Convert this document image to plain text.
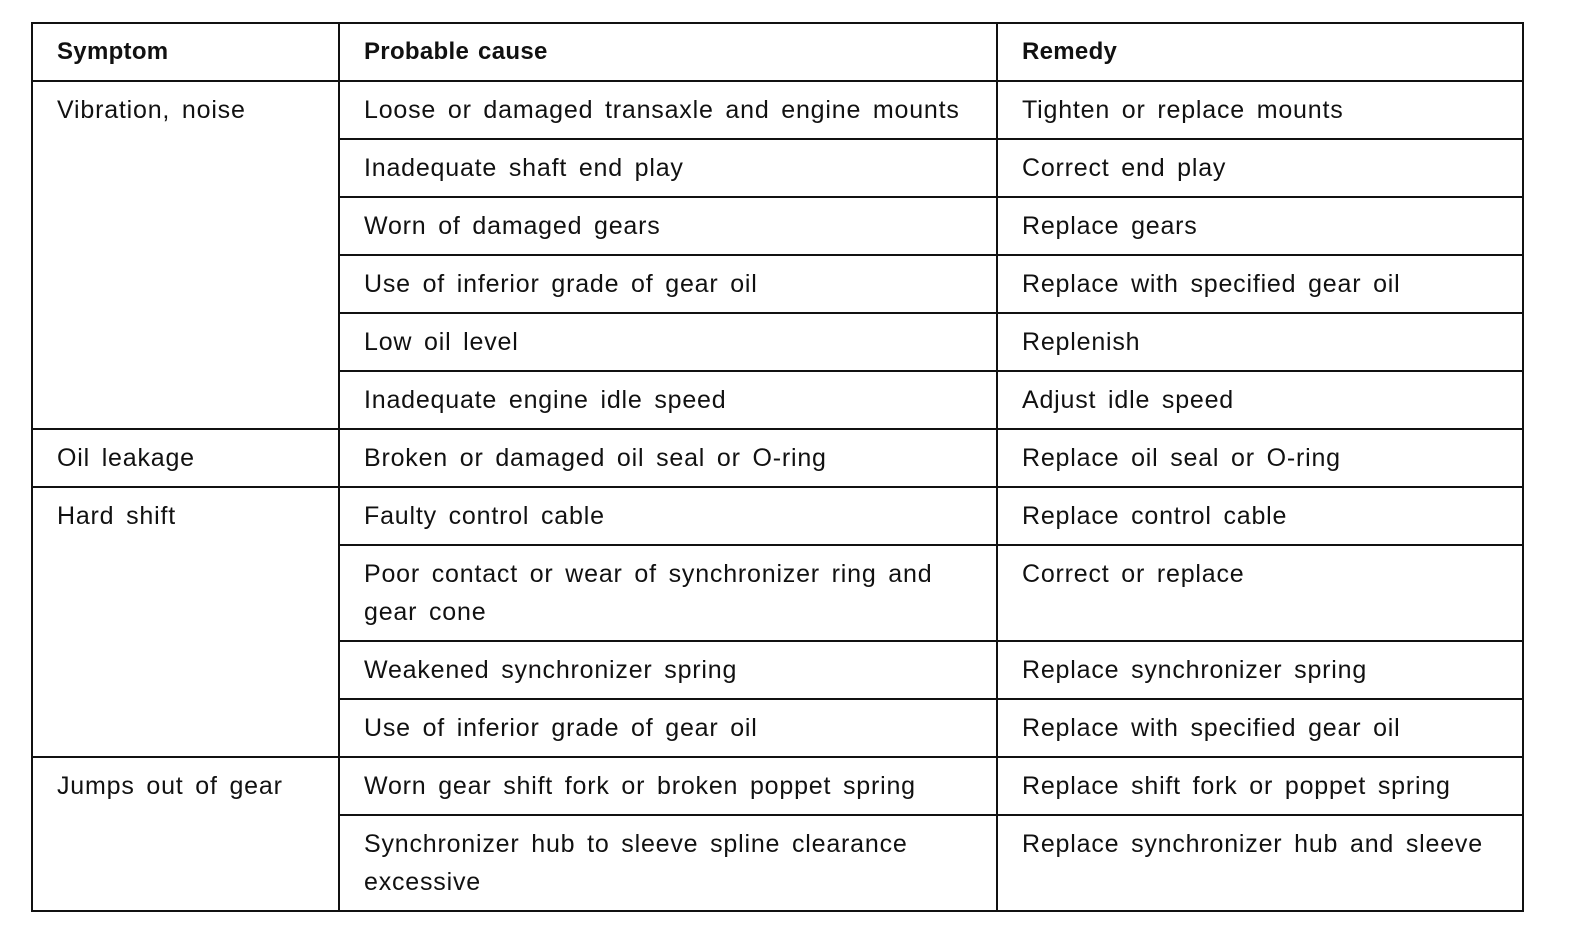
Symptom	Probable cause	Remedy
Vibration, noise	Loose or damaged transaxle and engine mounts	Tighten or replace mounts
	Inadequate shaft end play	Correct end play
	Worn of damaged gears	Replace gears
	Use of inferior grade of gear oil	Replace with specified gear oil
	Low oil level	Replenish
	Inadequate engine idle speed	Adjust idle speed
Oil leakage	Broken or damaged oil seal or O-ring	Replace oil seal or O-ring
Hard shift	Faulty control cable	Replace control cable
	Poor contact or wear of synchronizer ring and gear cone	Correct or replace
	Weakened synchronizer spring	Replace synchronizer spring
	Use of inferior grade of gear oil	Replace with specified gear oil
Jumps out of gear	Worn gear shift fork or broken poppet spring	Replace shift fork or poppet spring
	Synchronizer hub to sleeve spline clearance excessive	Replace synchronizer hub and sleeve
